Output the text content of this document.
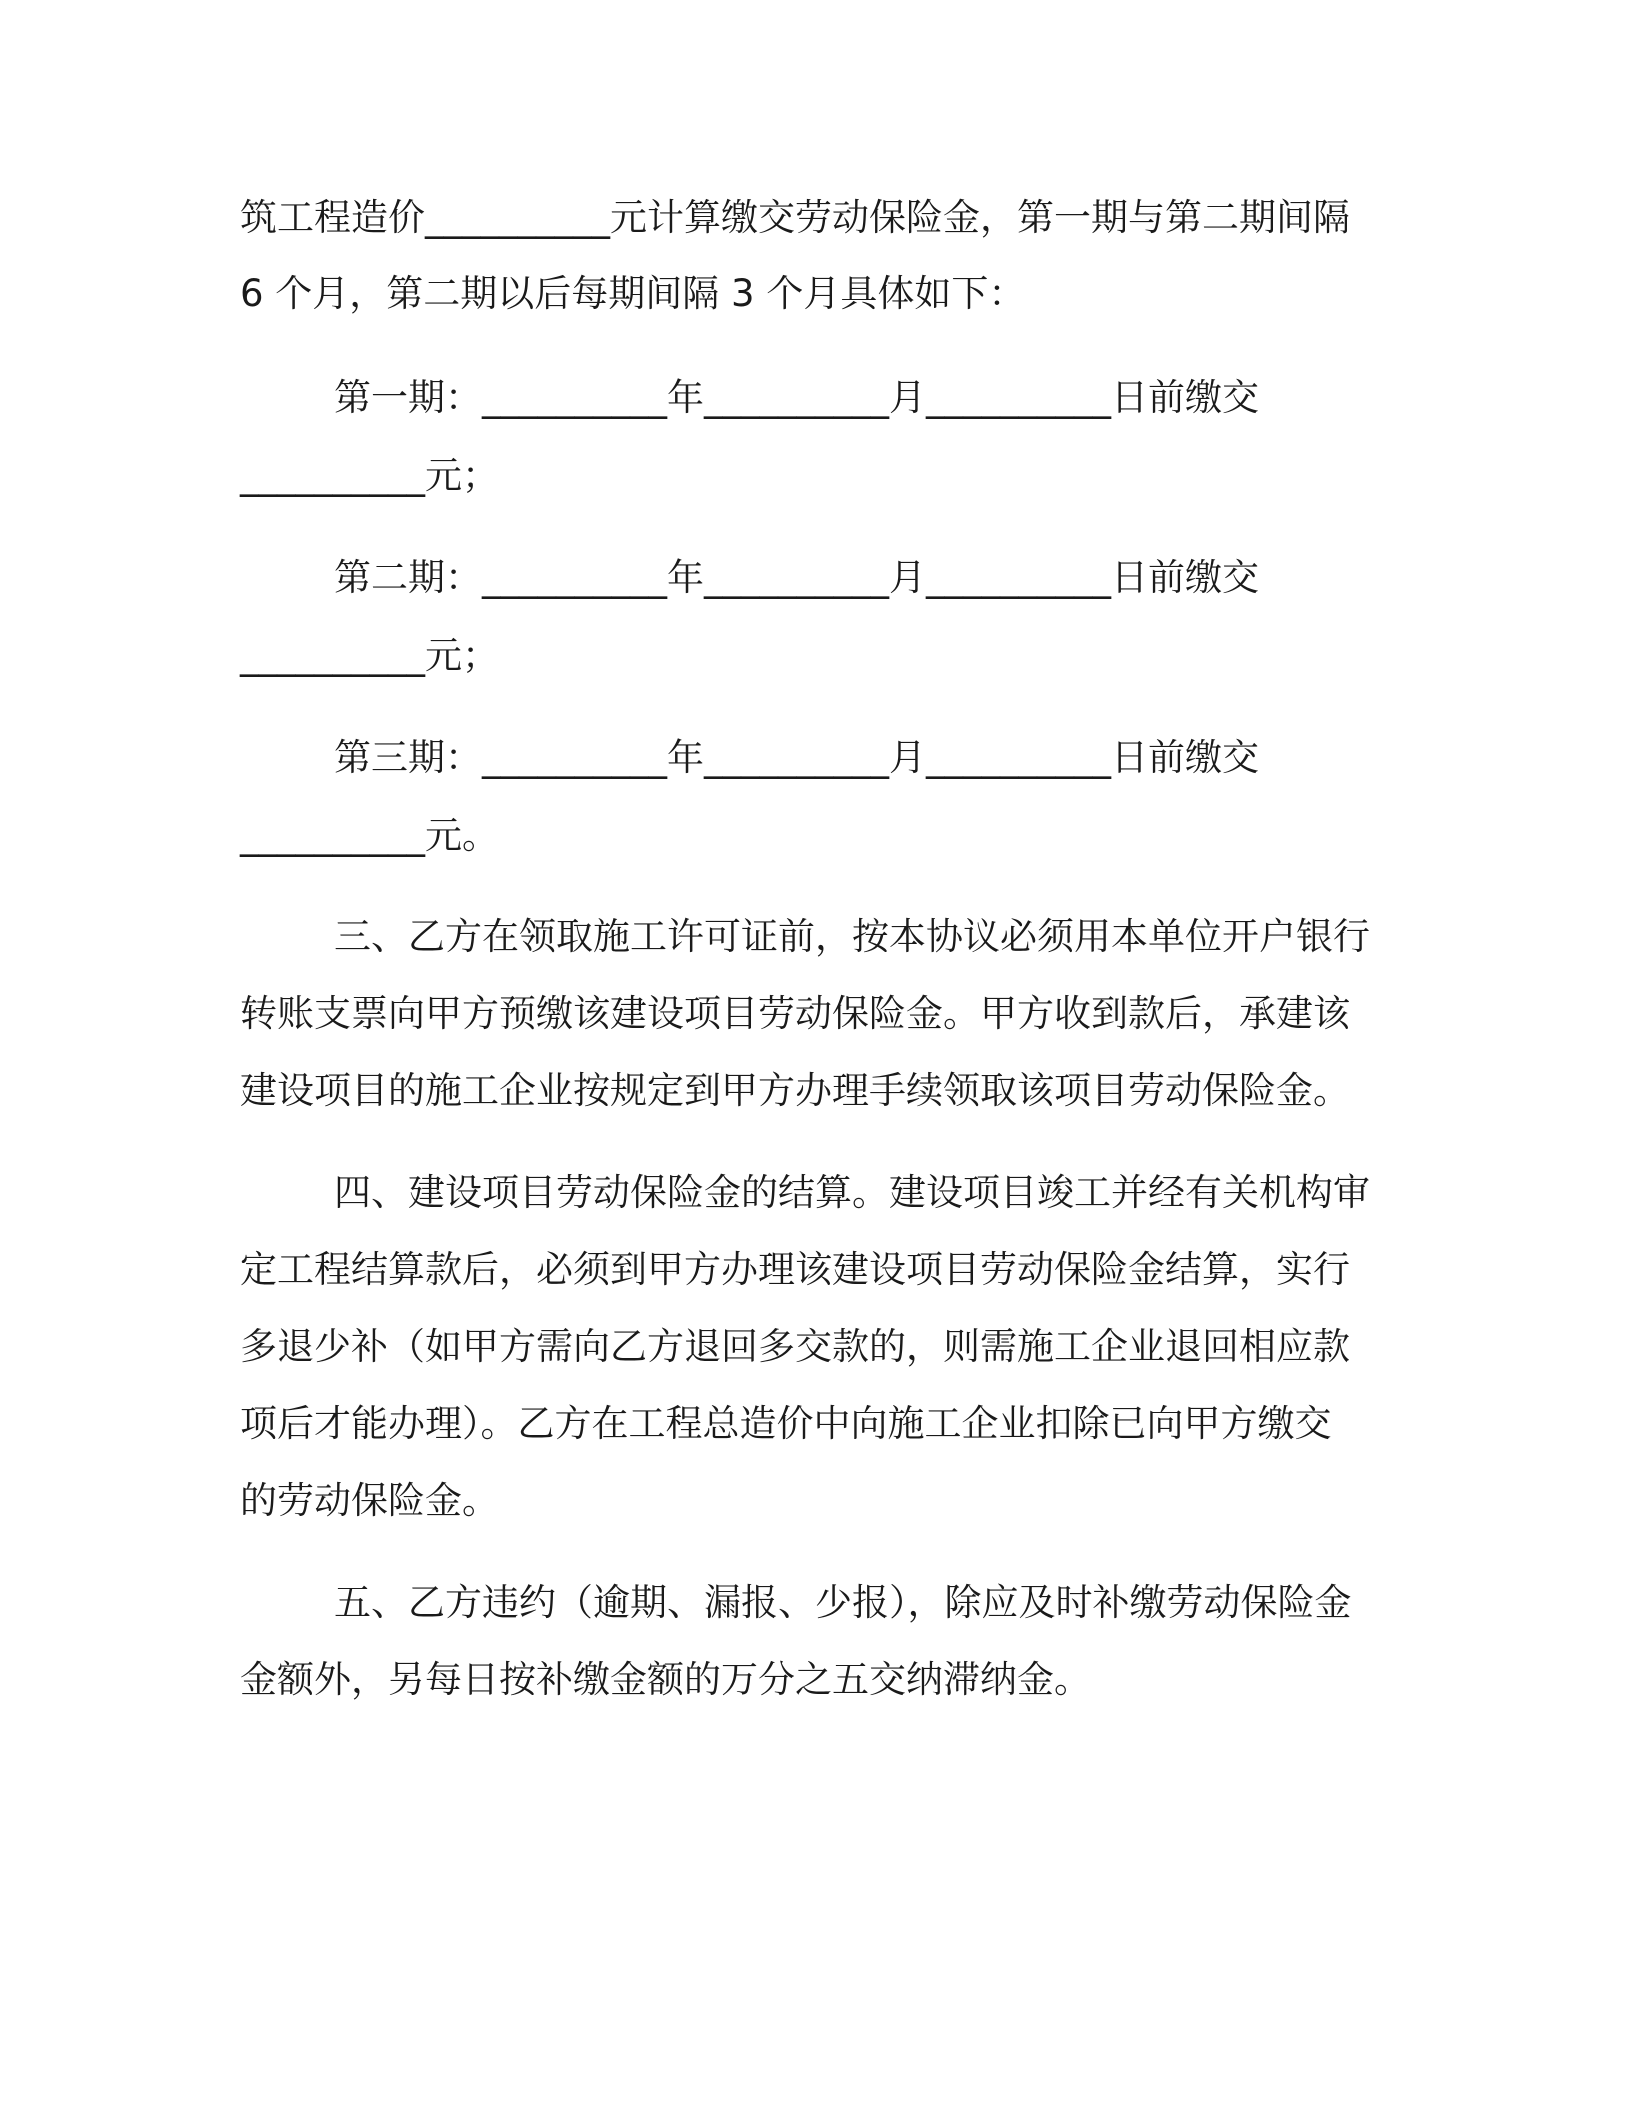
筑工程造价__________元计算缴交劳动保险金，第一期与第二期间隔
6 个月，第二期以后每期间隔 3 个月具体如下：
第一期：__________年__________月__________日前缴交
__________元；
第二期：__________年__________月__________日前缴交
__________元；
第三期：__________年__________月__________日前缴交
__________元。
三、乙方在领取施工许可证前，按本协议必须用本单位开户银行
转账支票向甲方预缴该建设项目劳动保险金。甲方收到款后，承建该
建设项目的施工企业按规定到甲方办理手续领取该项目劳动保险金。
四、建设项目劳动保险金的结算。建设项目竣工并经有关机构审
定工程结算款后，必须到甲方办理该建设项目劳动保险金结算，实行
多退少补（如甲方需向乙方退回多交款的，则需施工企业退回相应款
项后才能办理）。乙方在工程总造价中向施工企业扣除已向甲方缴交
的劳动保险金。
五、乙方违约（逾期、漏报、少报），除应及时补缴劳动保险金
金额外，另每日按补缴金额的万分之五交纳滞纳金。
